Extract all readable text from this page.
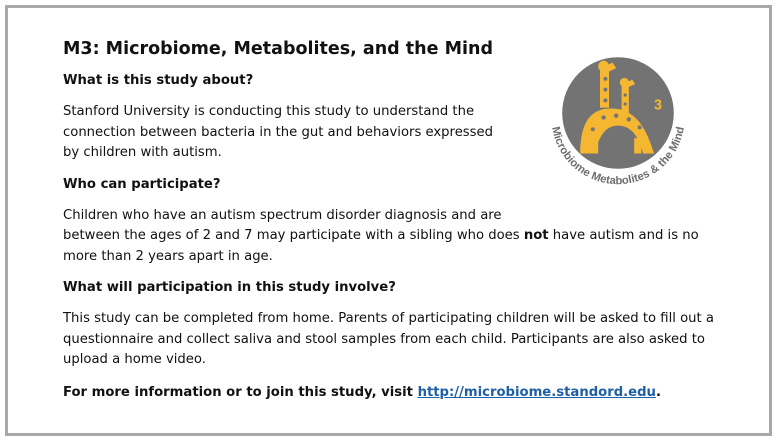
M3: Microbiome, Metabolites, and the Mind
What is this study about?

Stanford University is conducting this study to understand the connection between bacteria in the gut and behaviors expressed by children with autism.

Who can participate?

Children who have an autism spectrum disorder diagnosis and are
between the ages of 2 and 7 may participate with a sibling who does not have autism and is no more than 2 years apart in age.

What will participation in this study involve?

This study can be completed from home. Parents of participating children will be asked to fill out a questionnaire and collect saliva and stool samples from each child. Participants are also asked to upload a home video.

For more information or to join this study, visit http://microbiome.standord.edu.

3
Microbiome Metabolites & the Mind
